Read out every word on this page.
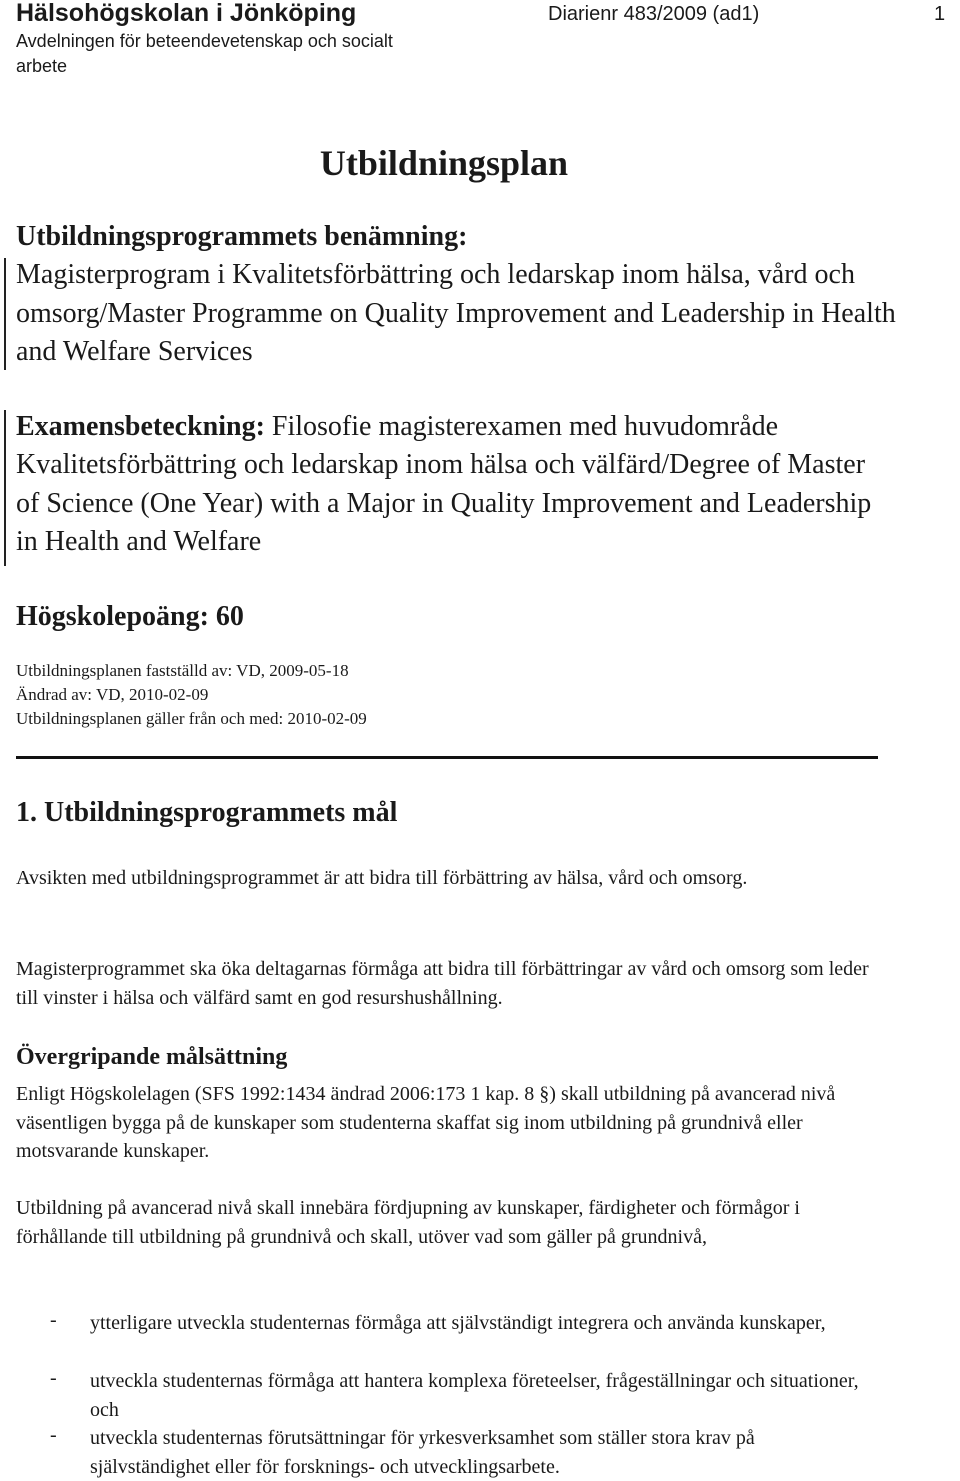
Hälsohögskolan i Jönköping
Avdelningen för beteendevetenskap och socialt arbete
Diarienr 483/2009 (ad1)	1
Utbildningsplan
Utbildningsprogrammets benämning:
Magisterprogram i Kvalitetsförbättring och ledarskap inom hälsa, vård och omsorg/Master Programme on Quality Improvement and Leadership in Health and Welfare Services
Examensbeteckning: Filosofie magisterexamen med huvudområde Kvalitetsförbättring och ledarskap inom hälsa och välfärd/Degree of Master of Science (One Year) with a Major in Quality Improvement and Leadership in Health and Welfare
Högskolepoäng: 60
Utbildningsplanen fastställd av: VD, 2009-05-18
Ändrad av: VD, 2010-02-09
Utbildningsplanen gäller från och med: 2010-02-09
1. Utbildningsprogrammets mål
Avsikten med utbildningsprogrammet är att bidra till förbättring av hälsa, vård och omsorg.
Magisterprogrammet ska öka deltagarnas förmåga att bidra till förbättringar av vård och omsorg som leder till vinster i hälsa och välfärd samt en god resurshushållning.
Övergripande målsättning
Enligt Högskolelagen (SFS 1992:1434 ändrad 2006:173 1 kap. 8 §) skall utbildning på avancerad nivå väsentligen bygga på de kunskaper som studenterna skaffat sig inom utbildning på grundnivå eller motsvarande kunskaper.
Utbildning på avancerad nivå skall innebära fördjupning av kunskaper, färdigheter och förmågor i förhållande till utbildning på grundnivå och skall, utöver vad som gäller på grundnivå,
- ytterligare utveckla studenternas förmåga att självständigt integrera och använda kunskaper,
- utveckla studenternas förmåga att hantera komplexa företeelser, frågeställningar och situationer, och
- utveckla studenternas förutsättningar för yrkesverksamhet som ställer stora krav på självständighet eller för forsknings- och utvecklingsarbete.
